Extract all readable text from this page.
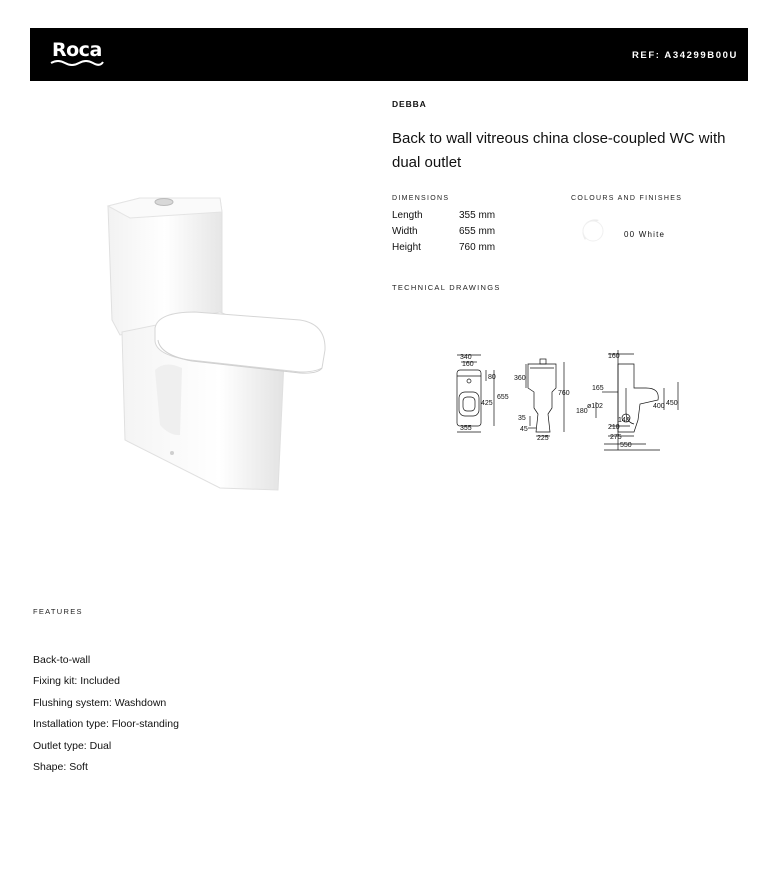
Roca	REF: A34299B00U
DEBBA
Back to wall vitreous china close-coupled WC with dual outlet
DIMENSIONS
Length	355 mm
Width	655 mm
Height	760 mm
COLOURS AND FINISHES
00 White
TECHNICAL DRAWINGS
340
160
80
425
655
355
360
760
35
45
225
160
165
180
ø102
140
400 450
210
275
550
FEATURES
Back-to-wall
Fixing kit: Included
Flushing system: Washdown
Installation type: Floor-standing
Outlet type: Dual
Shape: Soft
